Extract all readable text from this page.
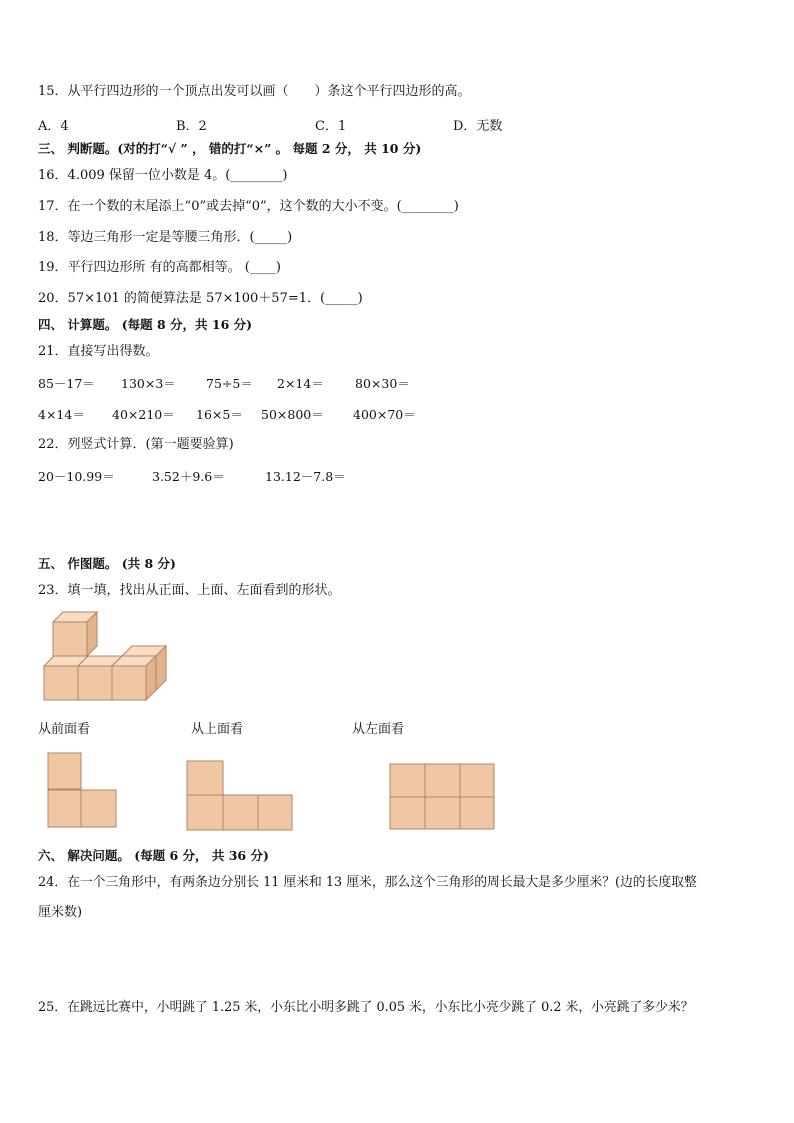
15．从平行四边形的一个顶点出发可以画（　　）条这个平行四边形的高。
A．4	B．2	C．1	D．无数
三、 判断题。(对的打“√ ” ， 错的打“×” 。 每题 2 分， 共 10 分)
16．4.009 保留一位小数是 4。(________)
17．在一个数的末尾添上“0”或去掉“0”，这个数的大小不变。(________)
18．等边三角形一定是等腰三角形．(_____)
19．平行四边形所 有的高都相等。 (____)
20．57×101 的简便算法是 57×100＋57=1．(_____)
四、 计算题。 (每题 8 分，共 16 分)
21．直接写出得数。
85－17＝ 130×3＝ 75÷5＝ 2×14＝ 80×30＝
4×14＝ 40×210＝ 16×5＝ 50×800＝ 400×70＝
22．列竖式计算．(第一题要验算)
20－10.99＝	3.52＋9.6＝	13.12－7.8＝
五、 作图题。 (共 8 分)
23．填一填，找出从正面、上面、左面看到的形状。
从前面看	从上面看	从左面看
六、 解决问题。 (每题 6 分， 共 36 分)
24．在一个三角形中，有两条边分别长 11 厘米和 13 厘米，那么这个三角形的周长最大是多少厘米？(边的长度取整
厘米数)
25．在跳远比赛中，小明跳了 1.25 米，小东比小明多跳了 0.05 米，小东比小亮少跳了 0.2 米，小亮跳了多少米？
